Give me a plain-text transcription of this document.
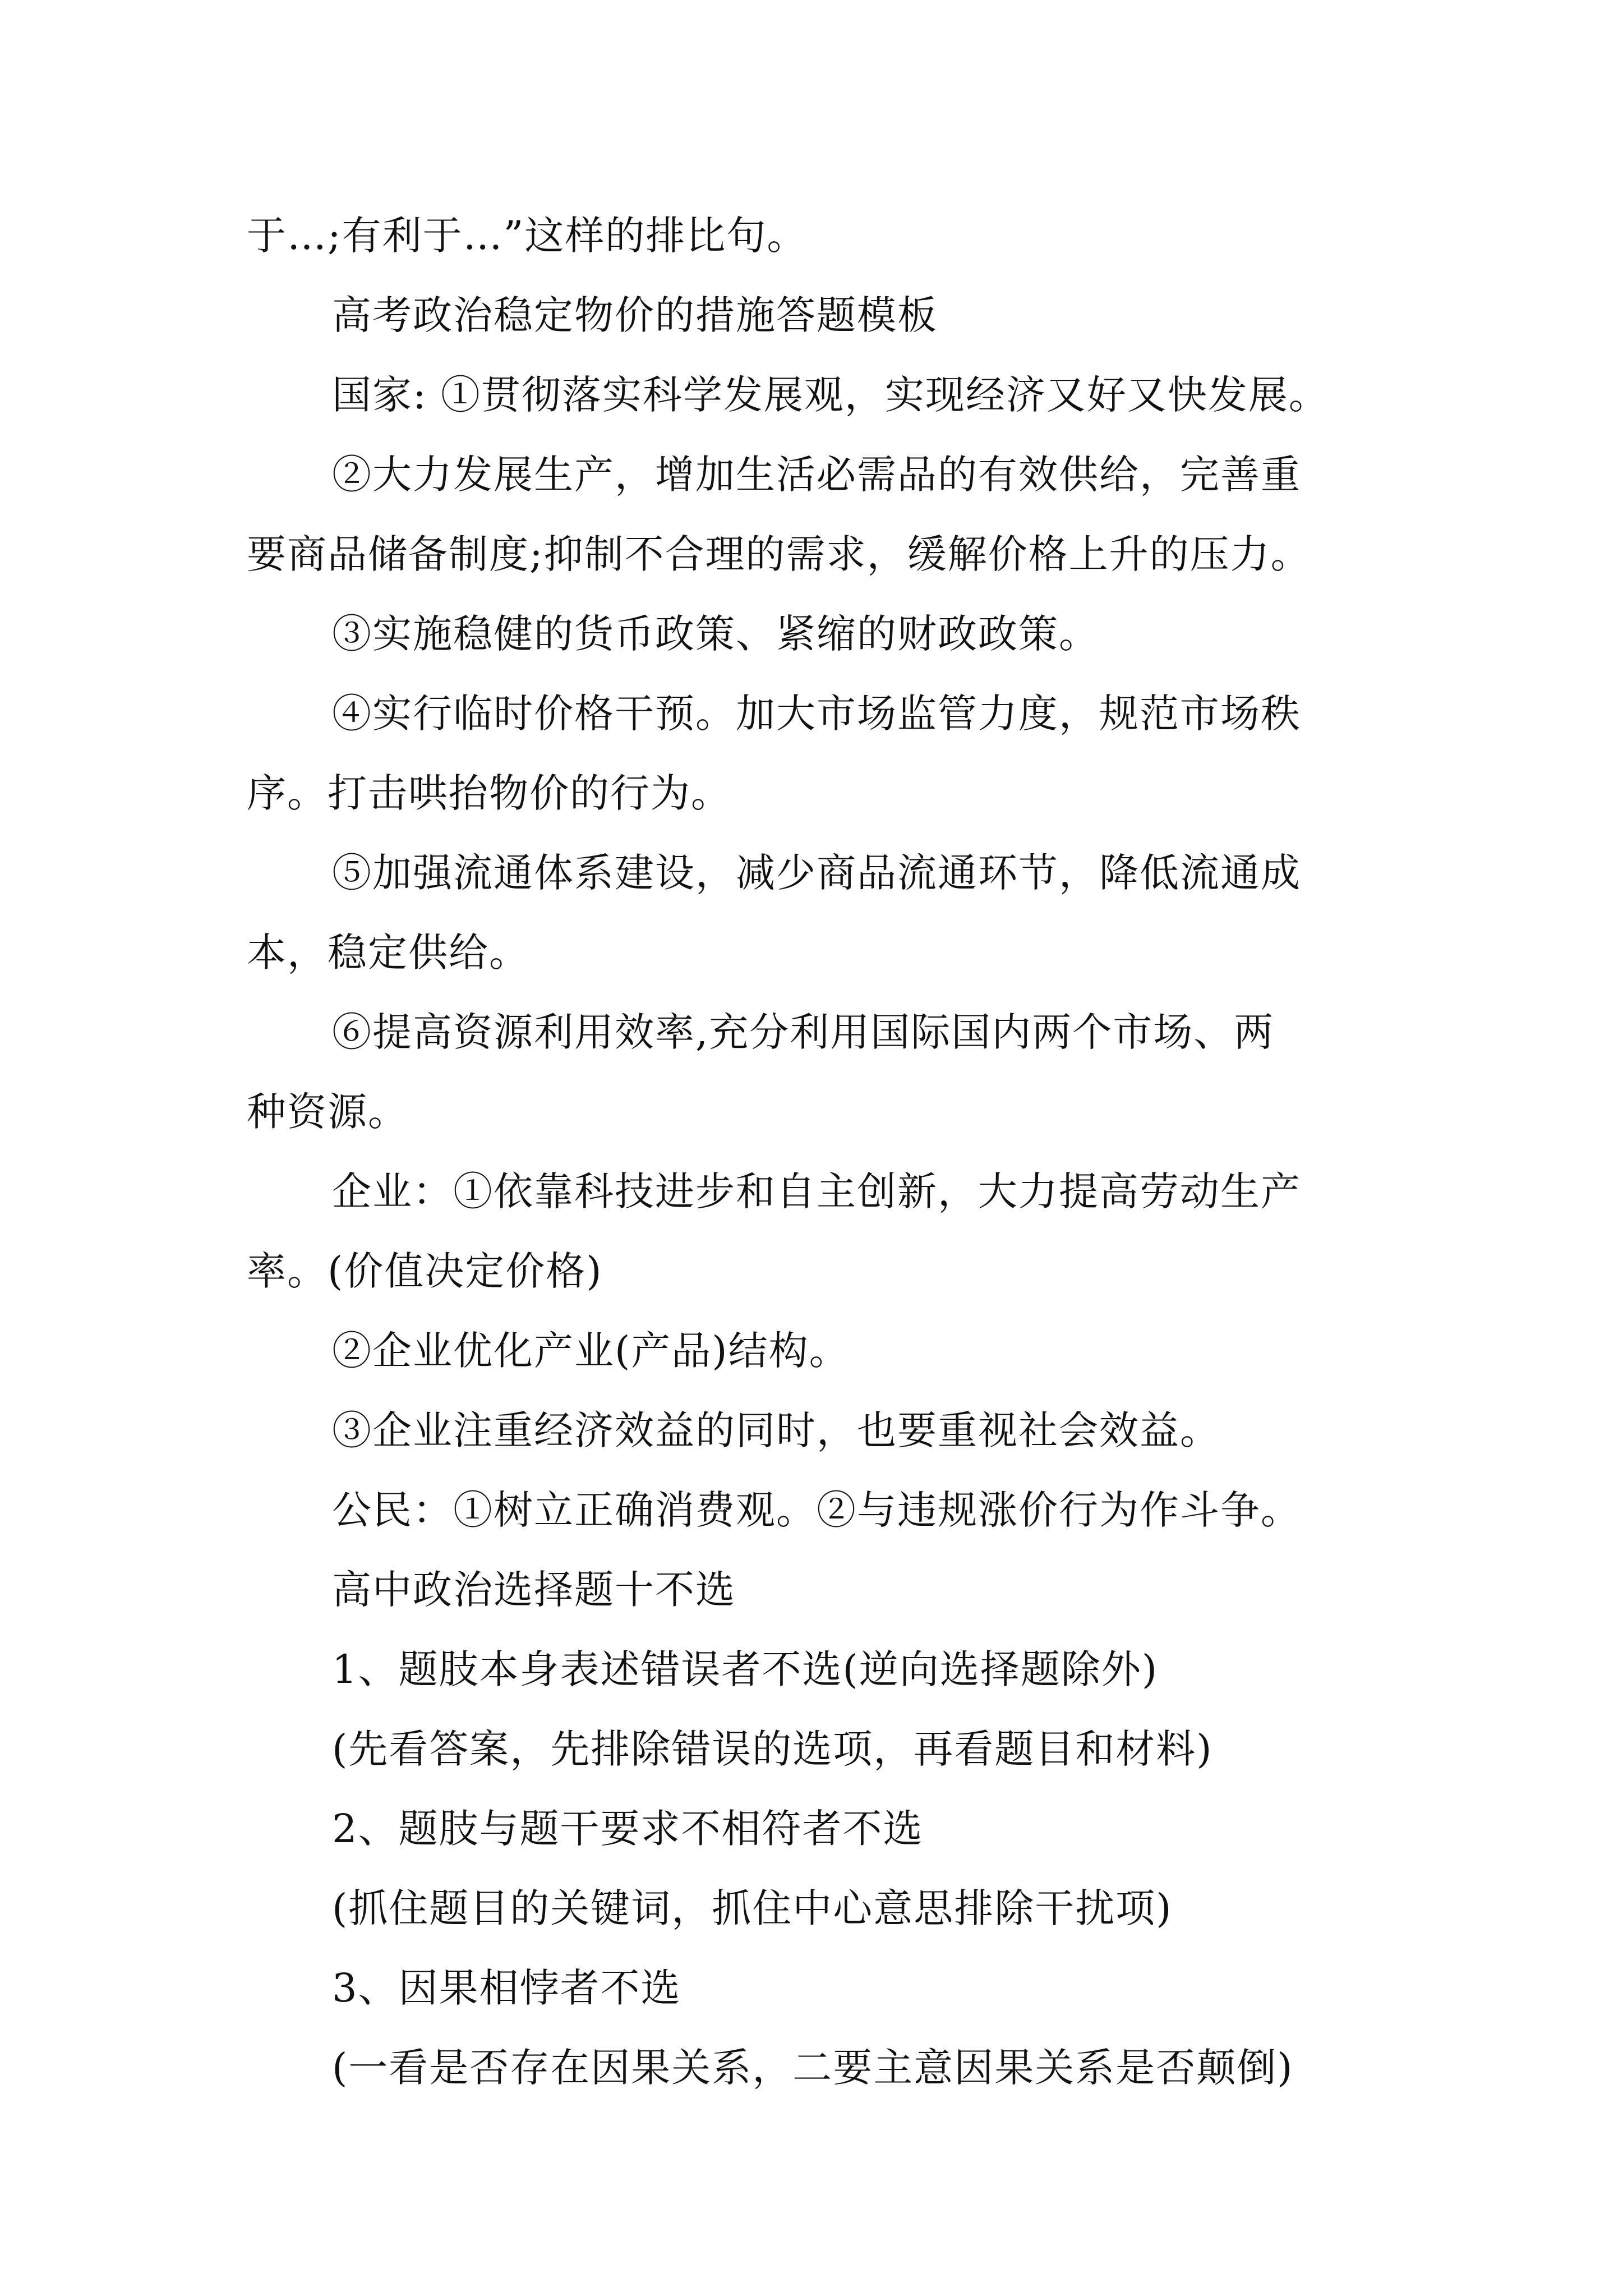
于…;有利于…”这样的排比句。
高考政治稳定物价的措施答题模板
国家: ①贯彻落实科学发展观，实现经济又好又快发展。
②大力发展生产，增加生活必需品的有效供给，完善重
要商品储备制度;抑制不合理的需求，缓解价格上升的压力。
③实施稳健的货币政策、紧缩的财政政策。
④实行临时价格干预。加大市场监管力度，规范市场秩
序。打击哄抬物价的行为。
⑤加强流通体系建设，减少商品流通环节，降低流通成
本，稳定供给。
⑥提高资源利用效率,充分利用国际国内两个市场、两
种资源。
企业：①依靠科技进步和自主创新，大力提高劳动生产
率。(价值决定价格)
②企业优化产业(产品)结构。
③企业注重经济效益的同时，也要重视社会效益。
公民：①树立正确消费观。②与违规涨价行为作斗争。
高中政治选择题十不选
1、题肢本身表述错误者不选(逆向选择题除外)
(先看答案，先排除错误的选项，再看题目和材料)
2、题肢与题干要求不相符者不选
(抓住题目的关键词，抓住中心意思排除干扰项)
3、因果相悖者不选
(一看是否存在因果关系，二要主意因果关系是否颠倒)
